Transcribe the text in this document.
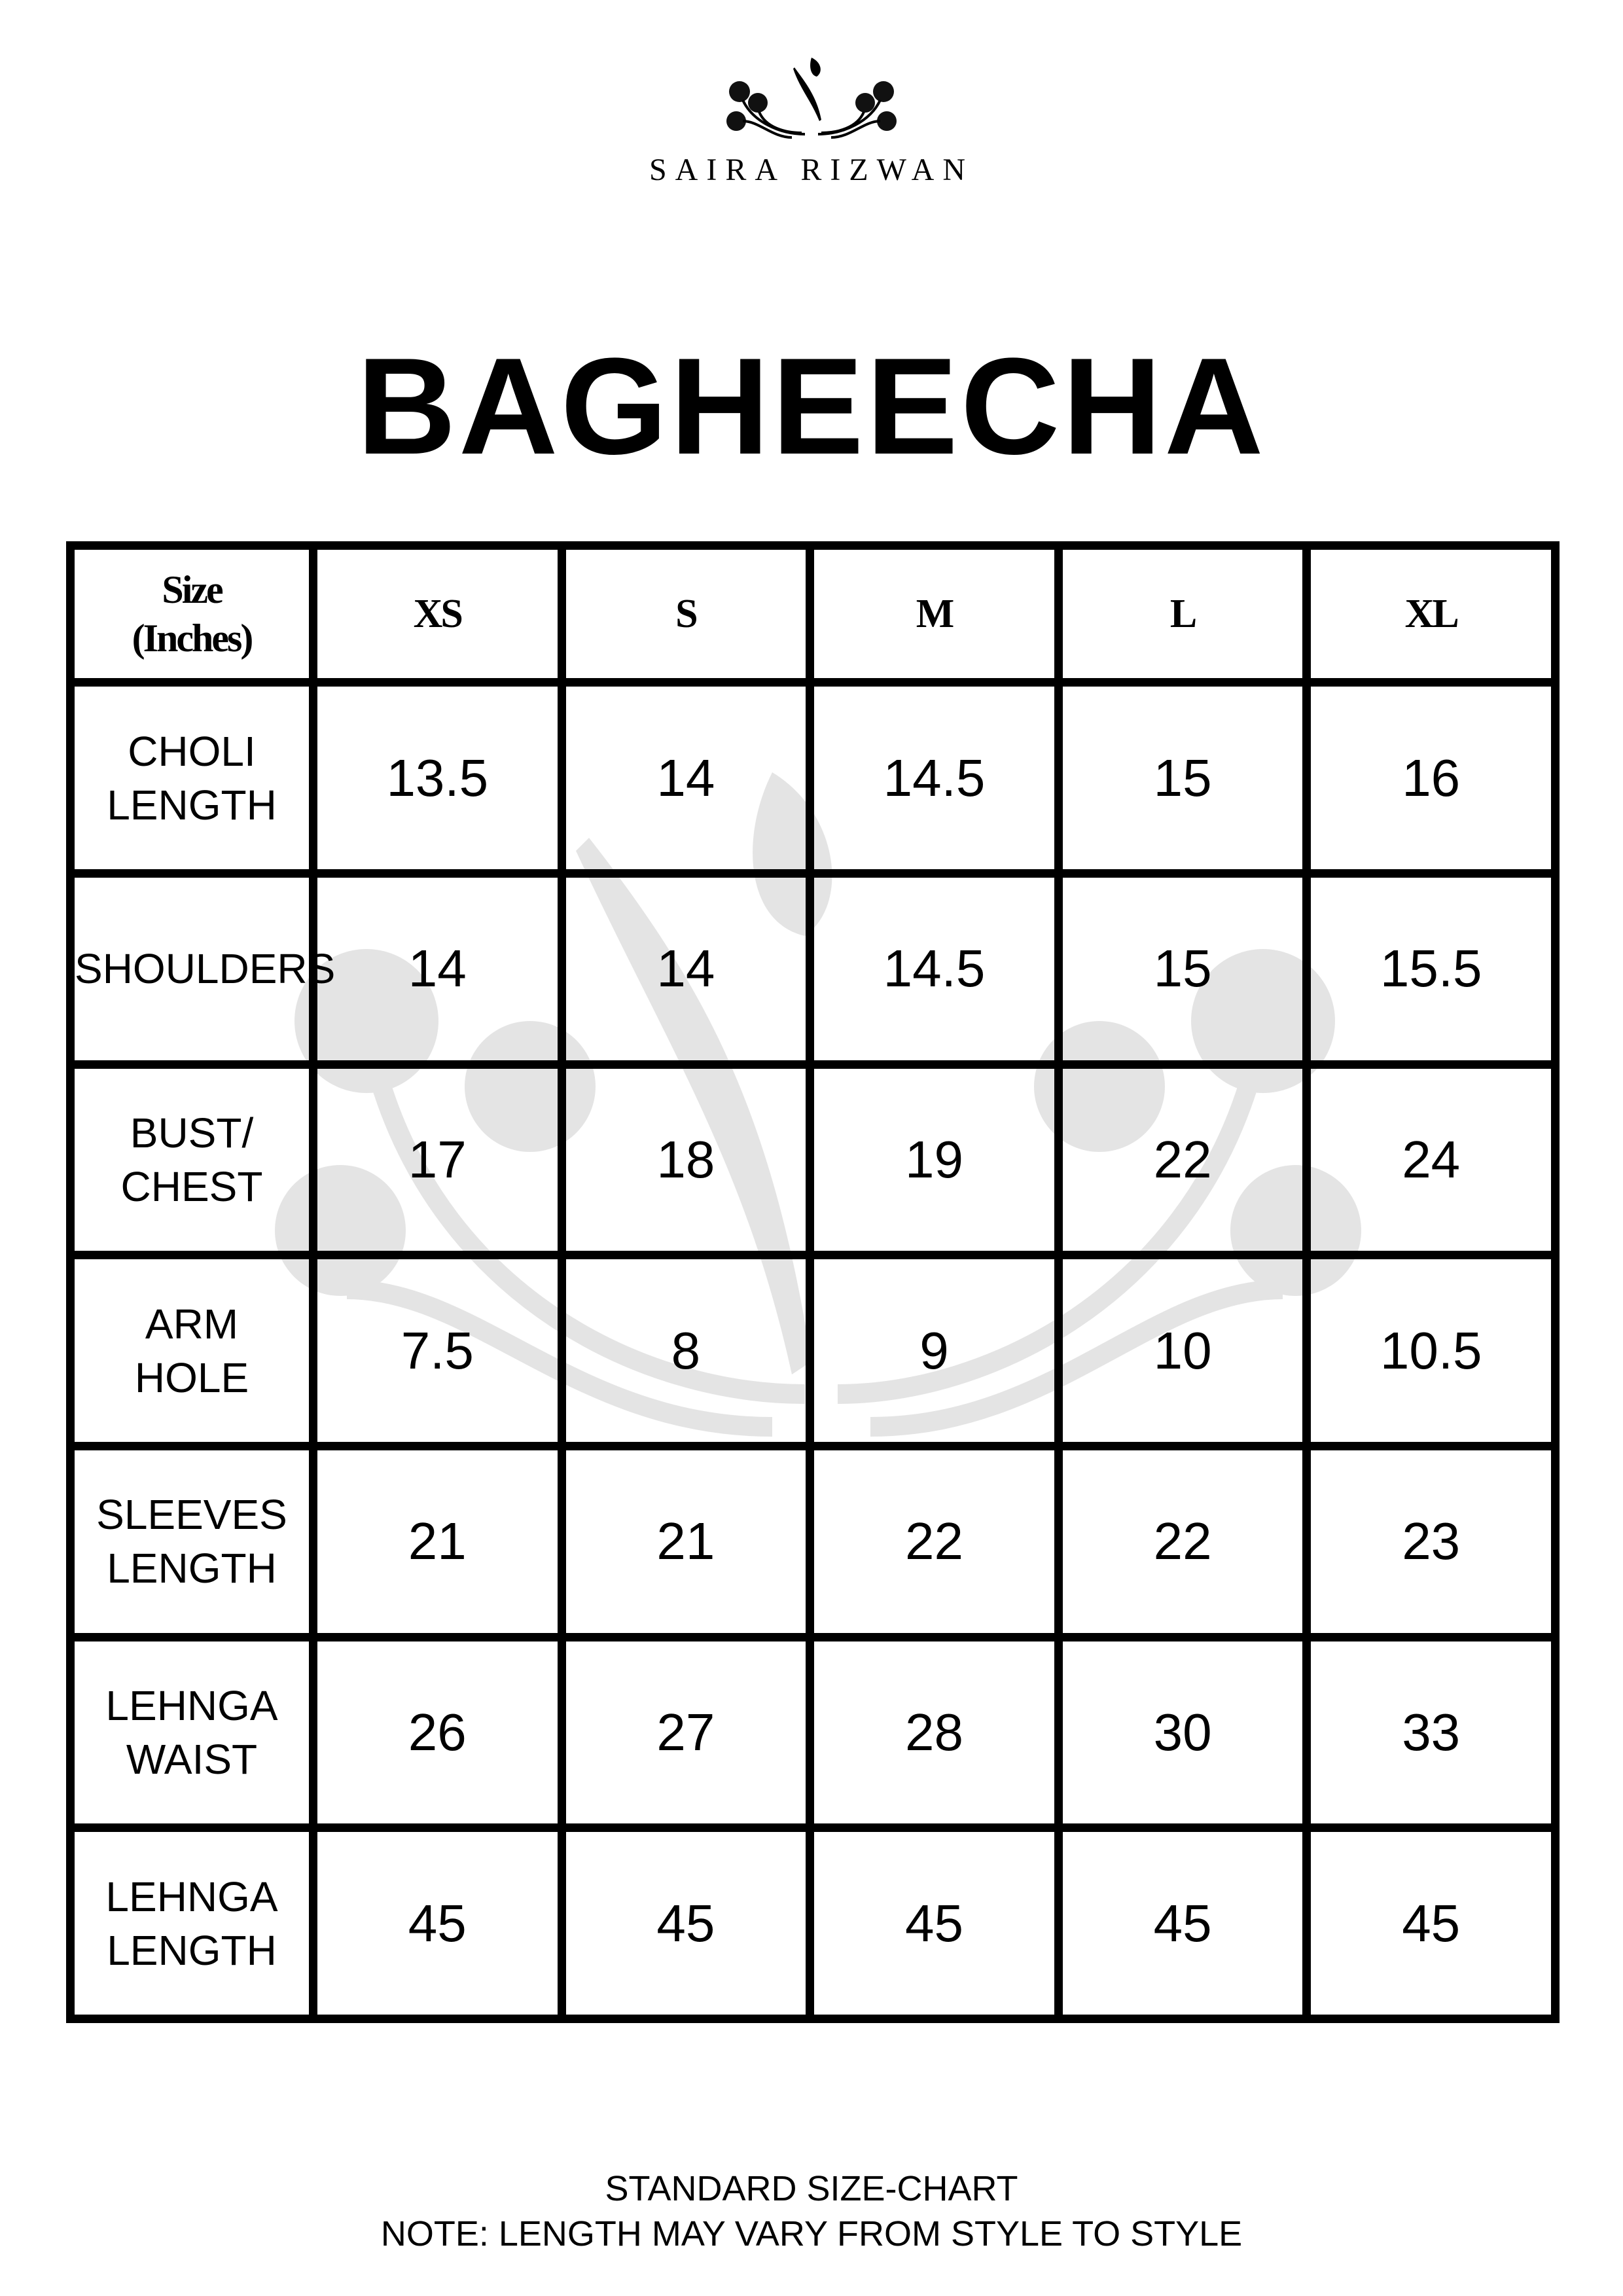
SAIRA RIZWAN
BAGHEECHA
Size
(Inches)	XS	S	M	L	XL
CHOLI
LENGTH	13.5	14	14.5	15	16
SHOULDERS	14	14	14.5	15	15.5
BUST/
CHEST	17	18	19	22	24
ARM
HOLE	7.5	8	9	10	10.5
SLEEVES
LENGTH	21	21	22	22	23
LEHNGA
WAIST	26	27	28	30	33
LEHNGA
LENGTH	45	45	45	45	45
STANDARD SIZE-CHART
NOTE: LENGTH MAY VARY FROM STYLE TO STYLE
